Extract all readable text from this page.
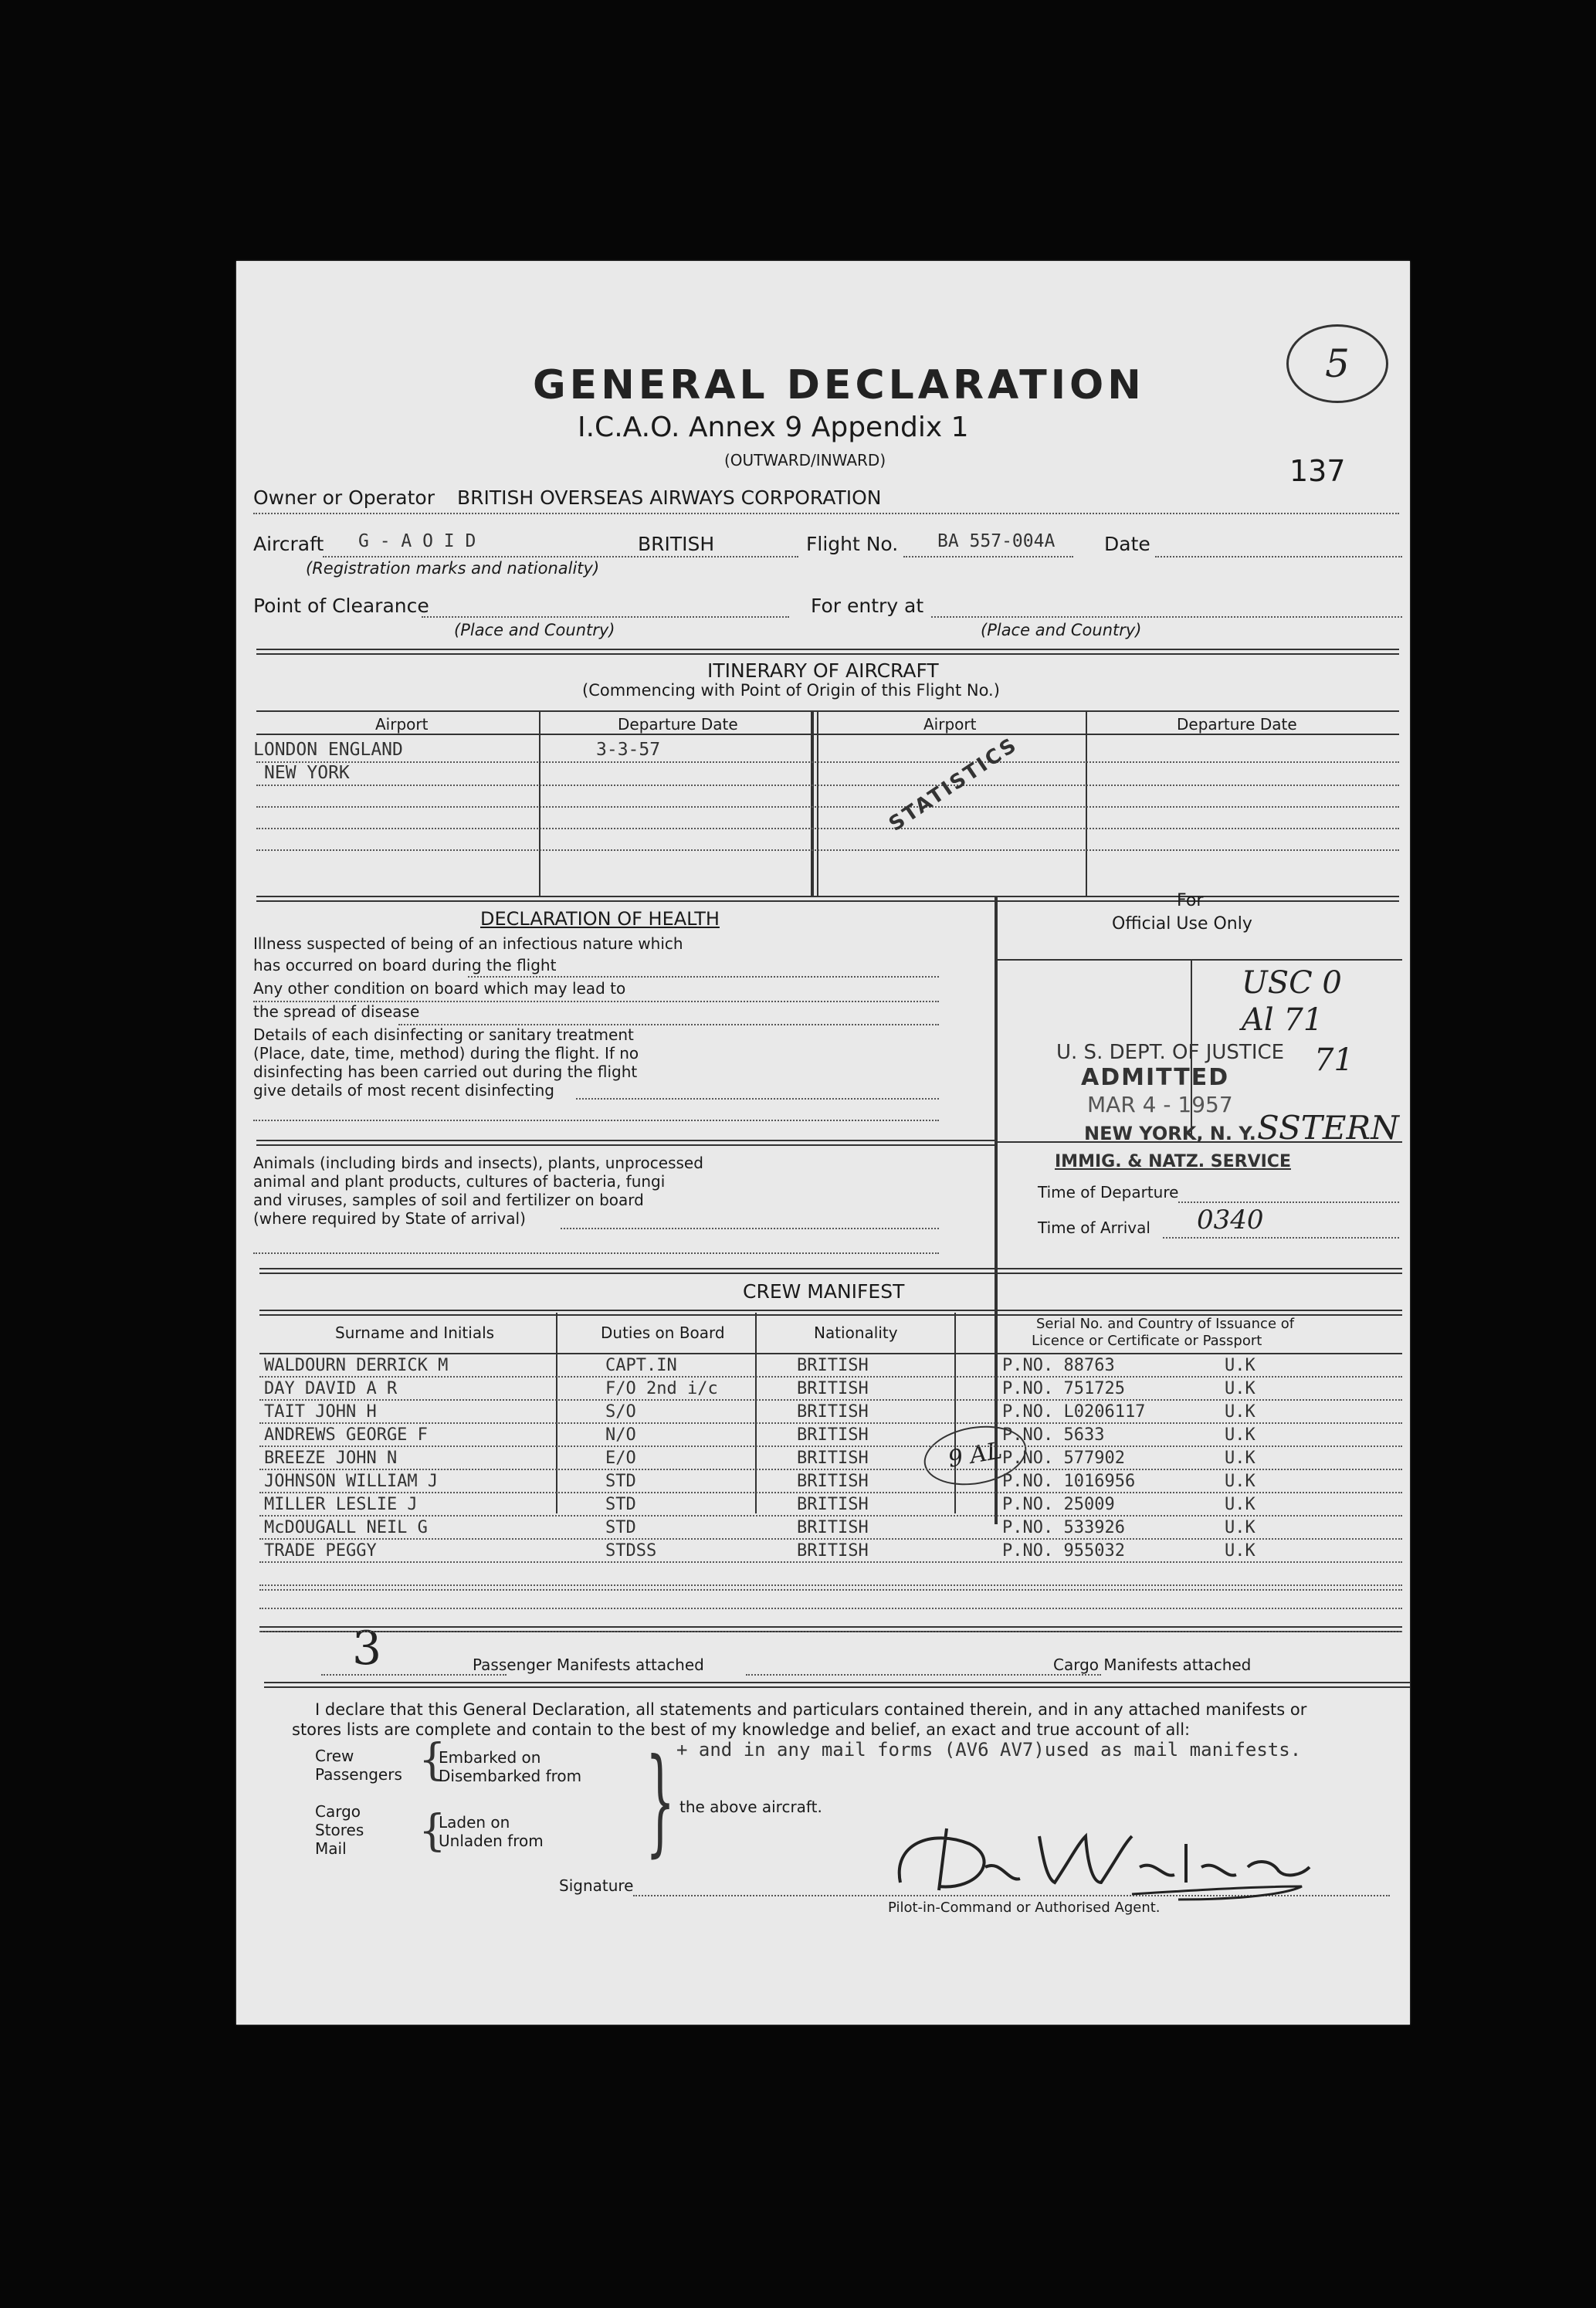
GENERAL DECLARATION
I.C.A.O. Annex 9 Appendix 1
(OUTWARD/INWARD)
5
137
Owner or Operator BRITISH OVERSEAS AIRWAYS CORPORATION
Aircraft G - A O I D	BRITISH
(Registration marks and nationality)
Flight No. BA 557-004A	Date
Point of Clearance
(Place and Country)
For entry at
(Place and Country)
ITINERARY OF AIRCRAFT
(Commencing with Point of Origin of this Flight No.)
Airport	Departure Date	Airport	Departure Date
LONDON ENGLAND	3-3-57
NEW YORK	STATISTICS
DECLARATION OF HEALTH
Illness suspected of being of an infectious nature which
has occurred on board during the flight
Any other condition on board which may lead to
the spread of disease
Details of each disinfecting or sanitary treatment
(Place, date, time, method) during the flight. If no
disinfecting has been carried out during the flight
give details of most recent disinfecting
Animals (including birds and insects), plants, unprocessed
animal and plant products, cultures of bacteria, fungi
and viruses, samples of soil and fertilizer on board
(where required by State of arrival)
For
Official Use Only
USC 0
Al 71
71
U. S. DEPT. OF JUSTICE
ADMITTED
MAR 4 - 1957
NEW YORK, N. Y. SSTERN
IMMIG. & NATZ. SERVICE
Time of Departure
Time of Arrival 0340
CREW MANIFEST
Surname and Initials	Duties on Board	Nationality	Serial No. and Country of Issuance of
Licence or Certificate or Passport
9 AL
3	Passenger Manifests attached	Cargo Manifests attached
I declare that this General Declaration, all statements and particulars contained therein, and in any attached manifests or
stores lists are complete and contain to the best of my knowledge and belief, an exact and true account of all:
Crew
Passengers {
Embarked on
Disembarked from
+ and in any mail forms (AV6 AV7)used as mail manifests.
Cargo
Stores
Mail {
Laden on
Unladen from } the above aircraft.
Signature
Pilot-in-Command or Authorised Agent.
WALDOURN DERRICK M	CAPT.IN	BRITISH	P.NO. 88763	U.K
DAY DAVID A R	F/O 2nd i/c	BRITISH	P.NO. 751725	U.K
TAIT JOHN H	S/O	BRITISH	P.NO. L0206117	U.K
ANDREWS GEORGE F	N/O	BRITISH	P.NO. 5633	U.K
BREEZE JOHN N	E/O	BRITISH	P.NO. 577902	U.K
JOHNSON WILLIAM J	STD	BRITISH	P.NO. 1016956	U.K
MILLER LESLIE J	STD	BRITISH	P.NO. 25009	U.K
McDOUGALL NEIL G	STD	BRITISH	P.NO. 533926	U.K
TRADE PEGGY	STDSS	BRITISH	P.NO. 955032	U.K
